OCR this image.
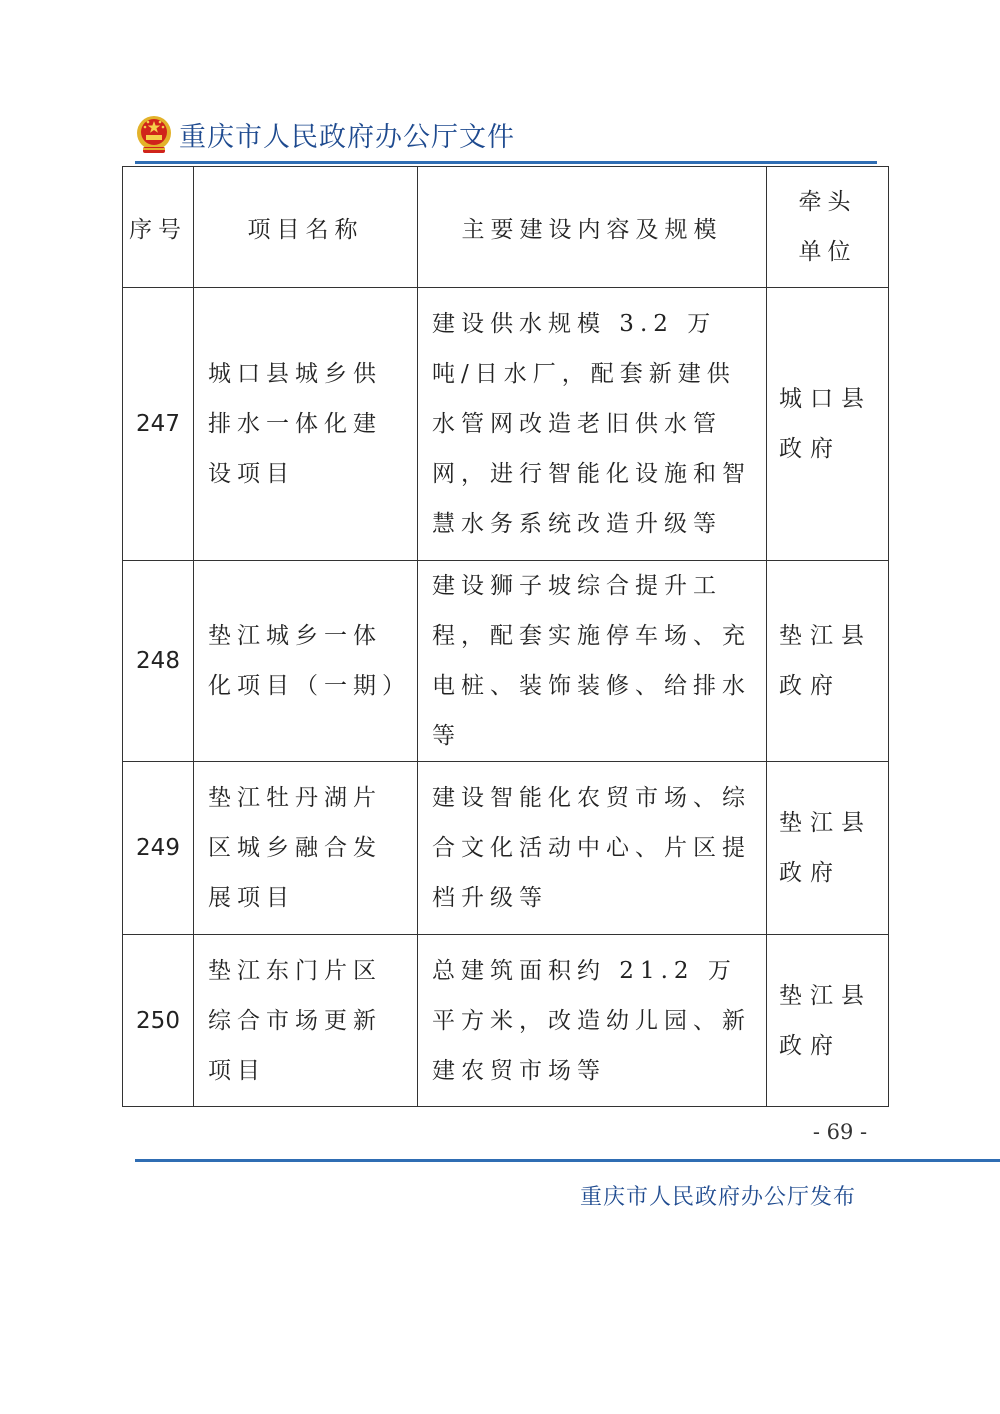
重庆市人民政府办公厅文件
序号	项目名称	主要建设内容及规模	牵头单位
247	城口县城乡供排水一体化建设项目	建设供水规模 3.2 万吨/日水厂，配套新建供水管网改造老旧供水管网，进行智能化设施和智慧水务系统改造升级等	城口县政府
248	垫江城乡一体化项目（一期）	建设狮子坡综合提升工程，配套实施停车场、充电桩、装饰装修、给排水等	垫江县政府
249	垫江牡丹湖片区城乡融合发展项目	建设智能化农贸市场、综合文化活动中心、片区提档升级等	垫江县政府
250	垫江东门片区综合市场更新项目	总建筑面积约 21.2 万平方米，改造幼儿园、新建农贸市场等	垫江县政府
- 69 -
重庆市人民政府办公厅发布
